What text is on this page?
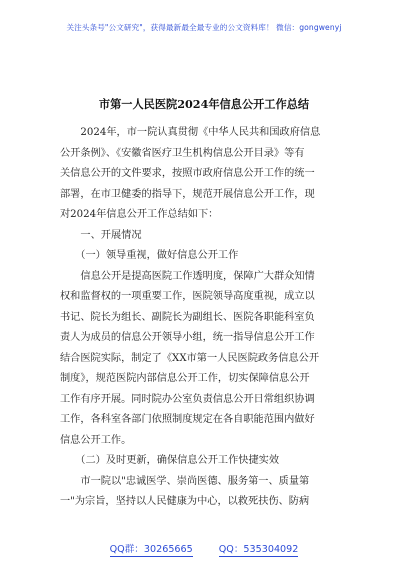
关注头条号"公文研究"，获得最新最全最专业的公文资料库！ 微信：gongwenyj
市第一人民医院2024年信息公开工作总结

2024年，市一院认真贯彻《中华人民共和国政府信息

公开条例》、《安徽省医疗卫生机构信息公开目录》等有

关信息公开的文件要求，按照市政府信息公开工作的统一

部署，在市卫健委的指导下，规范开展信息公开工作，现

对2024年信息公开工作总结如下：

一、开展情况

（一）领导重视，做好信息公开工作

信息公开是提高医院工作透明度，保障广大群众知情

权和监督权的一项重要工作，医院领导高度重视，成立以

书记、院长为组长、副院长为副组长、医院各职能科室负

责人为成员的信息公开领导小组，统一指导信息公开工作

结合医院实际，制定了《XX市第一人民医院政务信息公开

制度》，规范医院内部信息公开工作，切实保障信息公开

工作有序开展。同时院办公室负责信息公开日常组织协调

工作，各科室各部门依照制度规定在各自职能范围内做好

信息公开工作。

（二）及时更新，确保信息公开工作快捷实效

市一院以"忠诚医学、崇尚医德、服务第一、质量第

一"为宗旨，坚持以人民健康为中心，以救死扶伤、防病

QQ群：30265665	QQ：535304092
